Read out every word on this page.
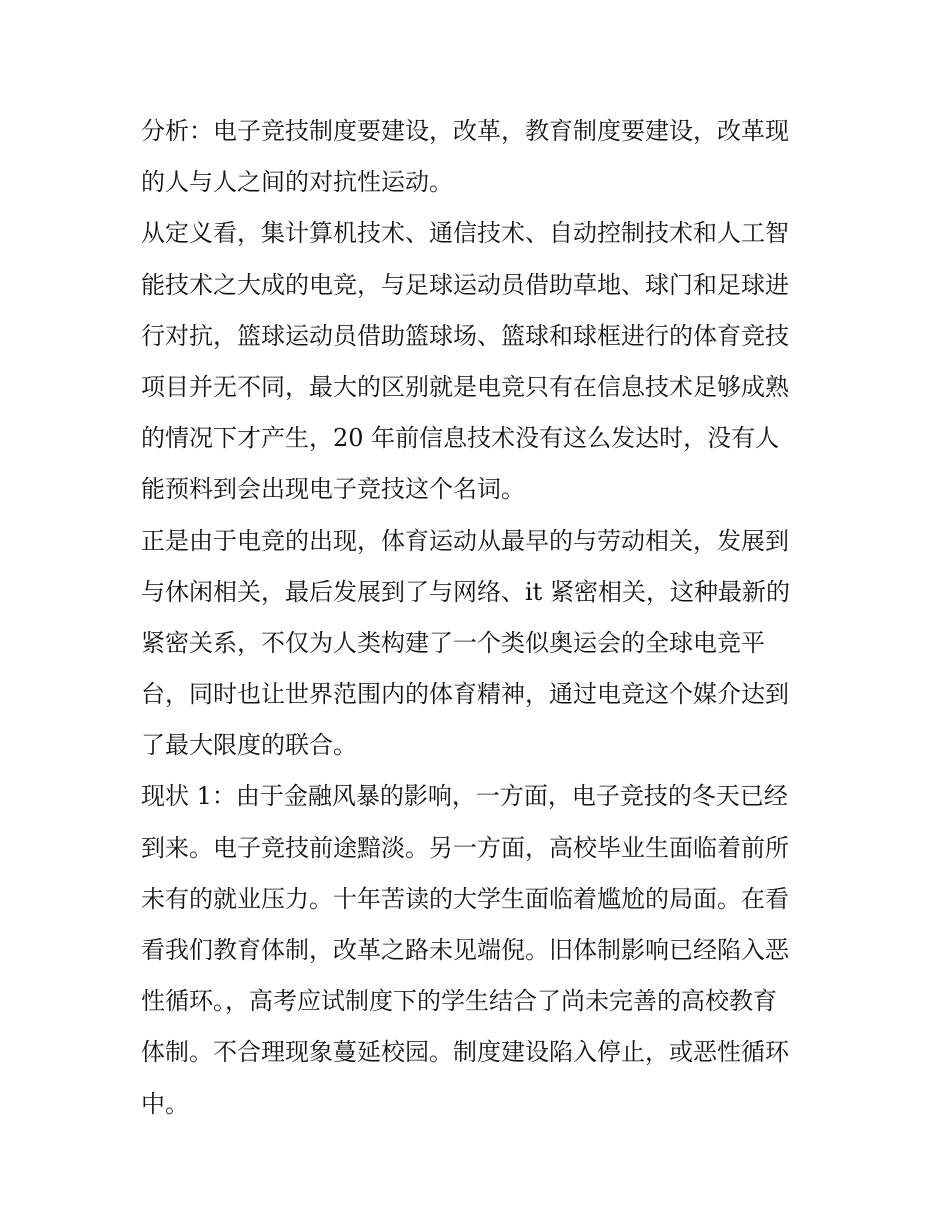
分析：电子竞技制度要建设，改革，教育制度要建设，改革现
的人与人之间的对抗性运动。

从定义看，集计算机技术、通信技术、自动控制技术和人工智
能技术之大成的电竞，与足球运动员借助草地、球门和足球进
行对抗，篮球运动员借助篮球场、篮球和球框进行的体育竞技
项目并无不同，最大的区别就是电竞只有在信息技术足够成熟
的情况下才产生，20 年前信息技术没有这么发达时，没有人
能预料到会出现电子竞技这个名词。

正是由于电竞的出现，体育运动从最早的与劳动相关，发展到
与休闲相关，最后发展到了与网络、it 紧密相关，这种最新的
紧密关系，不仅为人类构建了一个类似奥运会的全球电竞平
台，同时也让世界范围内的体育精神，通过电竞这个媒介达到
了最大限度的联合。

现状 1：由于金融风暴的影响，一方面，电子竞技的冬天已经
到来。电子竞技前途黯淡。另一方面，高校毕业生面临着前所
未有的就业压力。十年苦读的大学生面临着尴尬的局面。在看
看我们教育体制，改革之路未见端倪。旧体制影响已经陷入恶
性循环。，高考应试制度下的学生结合了尚未完善的高校教育
体制。不合理现象蔓延校园。制度建设陷入停止，或恶性循环
中。
